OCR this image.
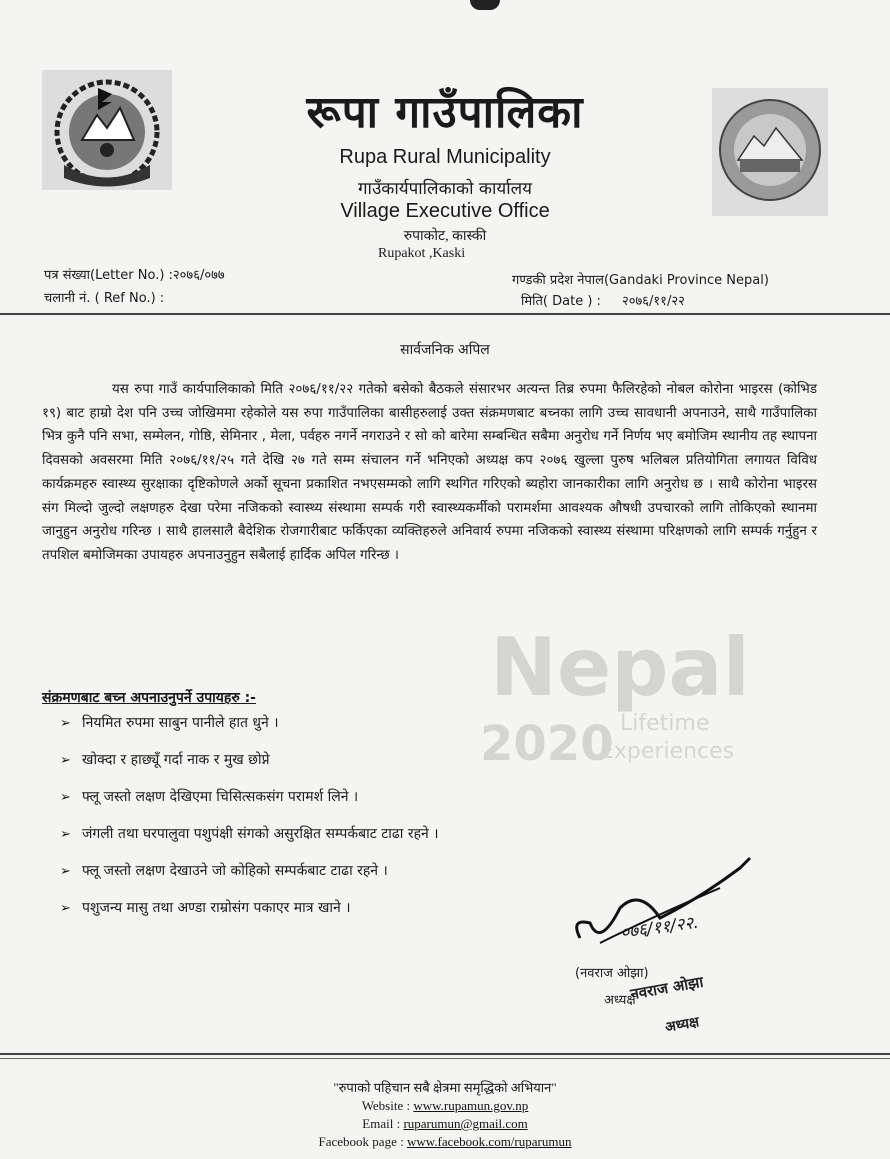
रूपा गाउँपालिका
Rupa Rural Municipality
गाउँकार्यपालिकाको कार्यालय
Village Executive Office
रुपाकोट, कास्की
Rupakot ,Kaski
पत्र संख्या(Letter No.) :२०७६/०७७
चलानी नं. ( Ref No.) :
गण्डकी प्रदेश नेपाल(Gandaki Province Nepal)
मिति( Date ) : २०७६/११/२२
सार्वजनिक अपिल
Nepal
2020 Lifetime
Experiences

यस रुपा गाउँ कार्यपालिकाको मिति २०७६/११/२२ गतेको बसेको बैठकले संसारभर अत्यन्त तिब्र रुपमा फैलिरहेको नोबल कोरोना भाइरस (कोभिड १९) बाट हाम्रो देश पनि उच्च जोखिममा रहेकोले यस रुपा गाउँपालिका बासीहरुलाई उक्त संक्रमणबाट बच्नका लागि उच्च सावधानी अपनाउने, साथै गाउँपालिका भित्र कुनै पनि सभा, सम्मेलन, गोष्ठि, सेमिनार , मेला, पर्वहरु नगर्ने नगराउने र सो को बारेमा सम्बन्धित सबैमा अनुरोध गर्ने निर्णय भए बमोजिम स्थानीय तह स्थापना दिवसको अवसरमा मिति २०७६/११/२५ गते देखि २७ गते सम्म संचालन गर्ने भनिएको अध्यक्ष कप २०७६ खुल्ला पुरुष भलिबल प्रतियोगिता लगायत विविध कार्यक्रमहरु स्वास्थ्य सुरक्षाका दृष्टिकोणले अर्को सूचना प्रकाशित नभएसम्मको लागि स्थगित गरिएको ब्यहोरा जानकारीका लागि अनुरोध छ । साथै कोरोना भाइरस संग मिल्दो जुल्दो लक्षणहरु देखा परेमा नजिकको स्वास्थ्य संस्थामा सम्पर्क गरी स्वास्थ्यकर्मीको परामर्शमा आवश्यक औषधी उपचारको लागि तोकिएको स्थानमा जानुहुन अनुरोध गरिन्छ । साथै हालसालै बैदेशिक रोजगारीबाट फर्किएका व्यक्तिहरुले अनिवार्य रुपमा नजिकको स्वास्थ्य संस्थामा परिक्षणको लागि सम्पर्क गर्नुहुन र तपशिल बमोजिमका उपायहरु अपनाउनुहुन सबैलाई हार्दिक अपिल गरिन्छ ।

संक्रमणबाट बच्न अपनाउनुपर्ने उपायहरु :-
➢ नियमित रुपमा साबुन पानीले हात धुने ।
➢ खोक्दा र हाछ्यूँ गर्दा नाक र मुख छोप्ने
➢ फ्लू जस्तो लक्षण देखिएमा चिसित्सकसंग परामर्श लिने ।
➢ जंगली तथा घरपालुवा पशुपंक्षी संगको असुरक्षित सम्पर्कबाट टाढा रहने ।
➢ फ्लू जस्तो लक्षण देखाउने जो कोहिको सम्पर्कबाट टाढा रहने ।
➢ पशुजन्य मासु तथा अण्डा राम्रोसंग पकाएर मात्र खाने ।
०७६/११/२२.
(नवराज ओझा)
अध्यक्ष
नवराज ओझा
अध्यक्ष
"रुपाको पहिचान सबै क्षेत्रमा समृद्धिको अभियान"
Website : www.rupamun.gov.np
Email : ruparumun@gmail.com
Facebook page : www.facebook.com/ruparumun
